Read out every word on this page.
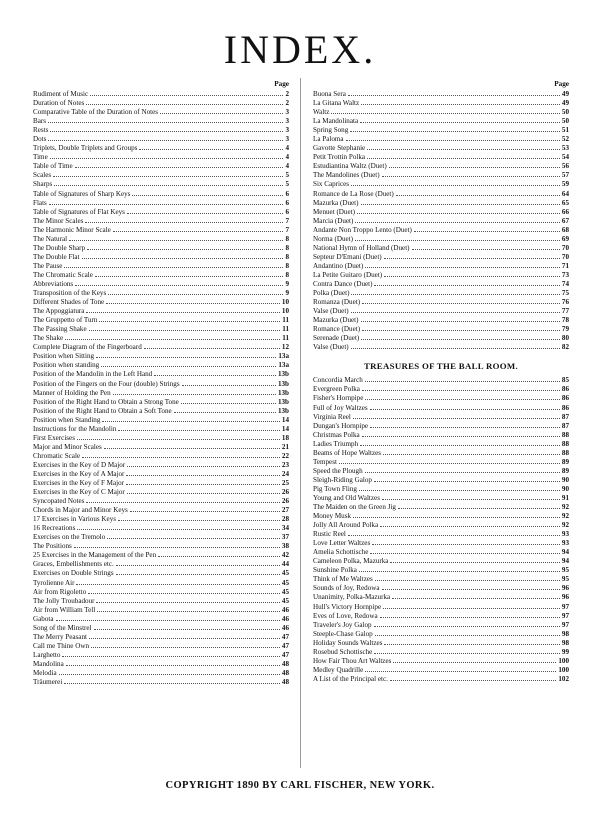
INDEX.
Page
Rudiment of Music	2
Duration of Notes	2
Comparative Table of the Duration of Notes	3
Bars	3
Rests	3
Dots	3
Triplets, Double Triplets and Groups	4
Time	4
Table of Time	4
Scales	5
Sharps	5
Table of Signatures of Sharp Keys	6
Flats	6
Table of Signatures of Flat Keys	6
The Minor Scales	7
The Harmonic Minor Scale	7
The Natural	8
The Double Sharp	8
The Double Flat	8
The Pause	8
The Chromatic Scale	8
Abbreviations	9
Transposition of the Keys	9
Different Shades of Tone	10
The Appoggiatura	10
The Gruppetto of Turn	11
The Passing Shake	11
The Shake	11
Complete Diagram of the Fingerboard	12
Position when Sitting	13a
Position when standing	13a
Position of the Mandolin in the Left Hand	13b
Position of the Fingers on the Four (double) Strings	13b
Manner of Holding the Pen	13b
Position of the Right Hand to Obtain a Strong Tone	13b
Position of the Right Hand to Obtain a Soft Tone	13b
Position when Standing	14
Instructions for the Mandolin	14
First Exercises	18
Major and Minor Scales	21
Chromatic Scale	22
Exercises in the Key of D Major	23
Exercises in the Key of A Major	24
Exercises in the Key of F Major	25
Exercises in the Key of C Major	26
Syncopated Notes	26
Chords in Major and Minor Keys	27
17 Exercises in Various Keys	28
16 Recreations	34
Exercises on the Tremolo	37
The Positions	38
25 Exercises in the Management of the Pen	42
Graces, Embellishments etc.	44
Exercises on Double Strings	45
Tyrolienne Air	45
Air from Rigoletto	45
The Jolly Troubadour	45
Air from William Tell	46
Gabota	46
Song of the Minstrel	46
The Merry Peasant	47
Call me Thine Own	47
Larghetto	47
Mandolina	48
Melodia	48
Träumerei	48
Page
Buona Sera	49
La Gitana Waltz	49
Waltz	50
La Mandolinata	50
Spring Song	51
La Paloma	52
Gavotte Stephanie	53
Petit Trottin Polka	54
Estudiantina Waltz (Duet)	56
The Mandolines (Duet)	57
Six Caprices	59
Romance de La Rose (Duet)	64
Mazurka (Duet)	65
Menuet (Duet)	66
Marcia (Duet)	67
Andante Non Troppo Lento (Duet)	68
Norma (Duet)	69
National Hymn of Holland (Duet)	70
Septeur D'Emani (Duet)	70
Andantino (Duet)	71
La Petite Guitaro (Duet)	73
Contra Dance (Duet)	74
Polka (Duet)	75
Romanza (Duet)	76
Valse (Duet)	77
Mazurka (Duet)	78
Romance (Duet)	79
Serenade (Duet)	80
Valse (Duet)	82
TREASURES OF THE BALL ROOM.
Concordia March	85
Evergreen Polka	86
Fisher's Hornpipe	86
Full of Joy Waltzes	86
Virginia Reel	87
Dungan's Hornpipe	87
Christmas Polka	88
Ladies Triumph	88
Beams of Hope Waltzes	88
Tempest	89
Speed the Plough	89
Sleigh-Riding Galop	90
Pig Town Fling	90
Young and Old Waltzes	91
The Maiden on the Green Jig	92
Money Musk	92
Jolly All Around Polka	92
Rustic Reel	93
Love Letter Waltzes	93
Amelia Schottische	94
Cameleon Polka, Mazurka	94
Sunshine Polka	95
Think of Me Waltzes	95
Sounds of Joy, Redowa	96
Unanimity, Polka-Mazurka	96
Hull's Victory Hornpipe	97
Eves of Love, Redowa	97
Traveler's Joy Galop	97
Steeple-Chase Galop	98
Holiday Sounds Waltzes	98
Rosebud Schottische	99
How Fair Thou Art Waltzes	100
Medley Quadrille	100
A List of the Principal etc.	102
COPYRIGHT 1890 BY CARL FISCHER, NEW YORK.
